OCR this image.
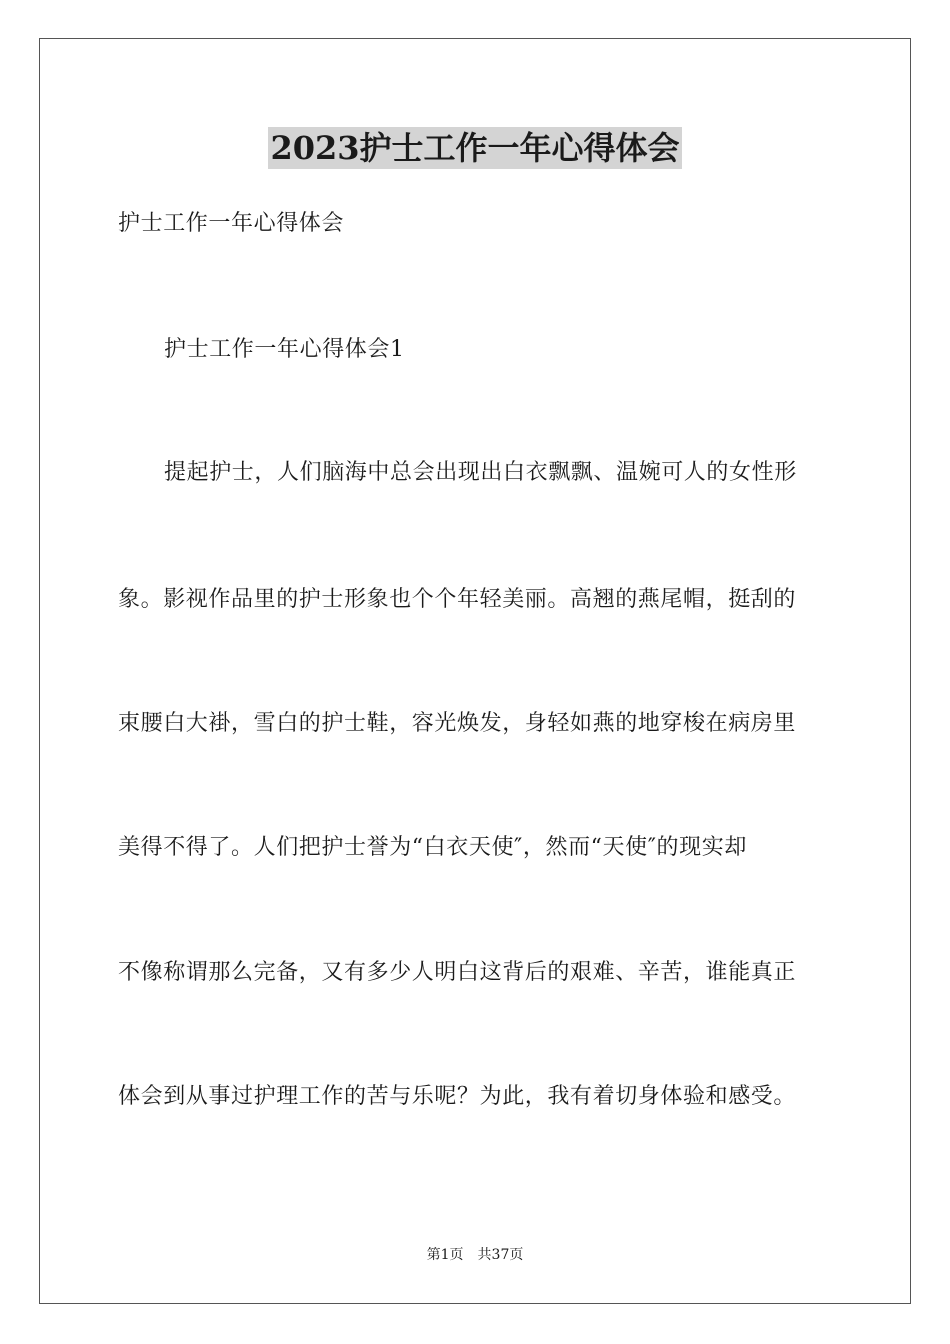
2023护士工作一年心得体会
护士工作一年心得体会
护士工作一年心得体会1
提起护士，人们脑海中总会出现出白衣飘飘、温婉可人的女性形
象。影视作品里的护士形象也个个年轻美丽。高翘的燕尾帽，挺刮的
束腰白大褂，雪白的护士鞋，容光焕发，身轻如燕的地穿梭在病房里
美得不得了。人们把护士誉为“白衣天使″，然而“天使″的现实却
不像称谓那么完备，又有多少人明白这背后的艰难、辛苦，谁能真正
体会到从事过护理工作的苦与乐呢？为此，我有着切身体验和感受。
第1页 共37页
